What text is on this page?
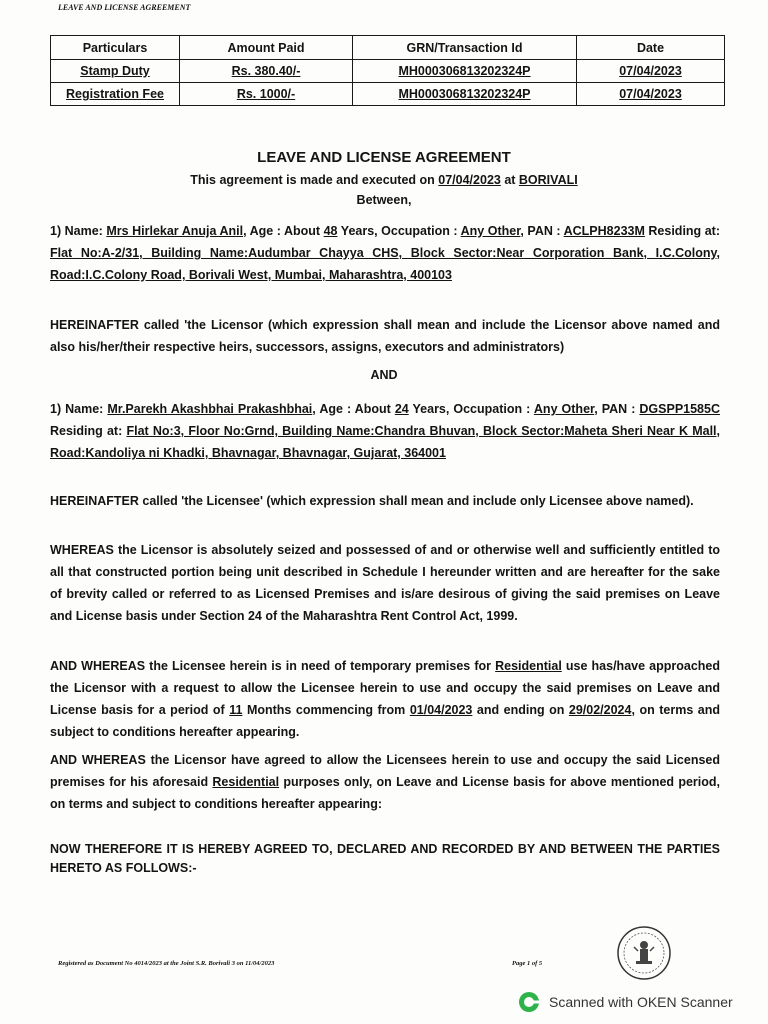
LEAVE AND LICENSE AGREEMENT
Particulars	Amount Paid	GRN/Transaction Id	Date
Stamp Duty	Rs. 380.40/-	MH000306813202324P	07/04/2023
Registration Fee	Rs. 1000/-	MH000306813202324P	07/04/2023
LEAVE AND LICENSE AGREEMENT
This agreement is made and executed on 07/04/2023 at BORIVALI
Between,

1) Name: Mrs Hirlekar Anuja Anil, Age : About 48 Years, Occupation : Any Other, PAN : ACLPH8233M Residing at: Flat No:A-2/31, Building Name:Audumbar Chayya CHS, Block Sector:Near Corporation Bank, I.C.Colony, Road:I.C.Colony Road, Borivali West, Mumbai, Maharashtra, 400103

HEREINAFTER called 'the Licensor (which expression shall mean and include the Licensor above named and also his/her/their respective heirs, successors, assigns, executors and administrators)

AND

1) Name: Mr.Parekh Akashbhai Prakashbhai, Age : About 24 Years, Occupation : Any Other, PAN : DGSPP1585C Residing at: Flat No:3, Floor No:Grnd, Building Name:Chandra Bhuvan, Block Sector:Maheta Sheri Near K Mall, Road:Kandoliya ni Khadki, Bhavnagar, Bhavnagar, Gujarat, 364001

HEREINAFTER called 'the Licensee' (which expression shall mean and include only Licensee above named).

WHEREAS the Licensor is absolutely seized and possessed of and or otherwise well and sufficiently entitled to all that constructed portion being unit described in Schedule I hereunder written and are hereafter for the sake of brevity called or referred to as Licensed Premises and is/are desirous of giving the said premises on Leave and License basis under Section 24 of the Maharashtra Rent Control Act, 1999.

AND WHEREAS the Licensee herein is in need of temporary premises for Residential use has/have approached the Licensor with a request to allow the Licensee herein to use and occupy the said premises on Leave and License basis for a period of 11 Months commencing from 01/04/2023 and ending on 29/02/2024, on terms and subject to conditions hereafter appearing.

AND WHEREAS the Licensor have agreed to allow the Licensees herein to use and occupy the said Licensed premises for his aforesaid Residential purposes only, on Leave and License basis for above mentioned period, on terms and subject to conditions hereafter appearing:

NOW THEREFORE IT IS HEREBY AGREED TO, DECLARED AND RECORDED BY AND BETWEEN THE PARTIES HERETO AS FOLLOWS:-

Registered as Document No 4014/2023 at the Joint S.R. Borivali 3 on 11/04/2023	Page 1 of 5
Scanned with OKEN Scanner
